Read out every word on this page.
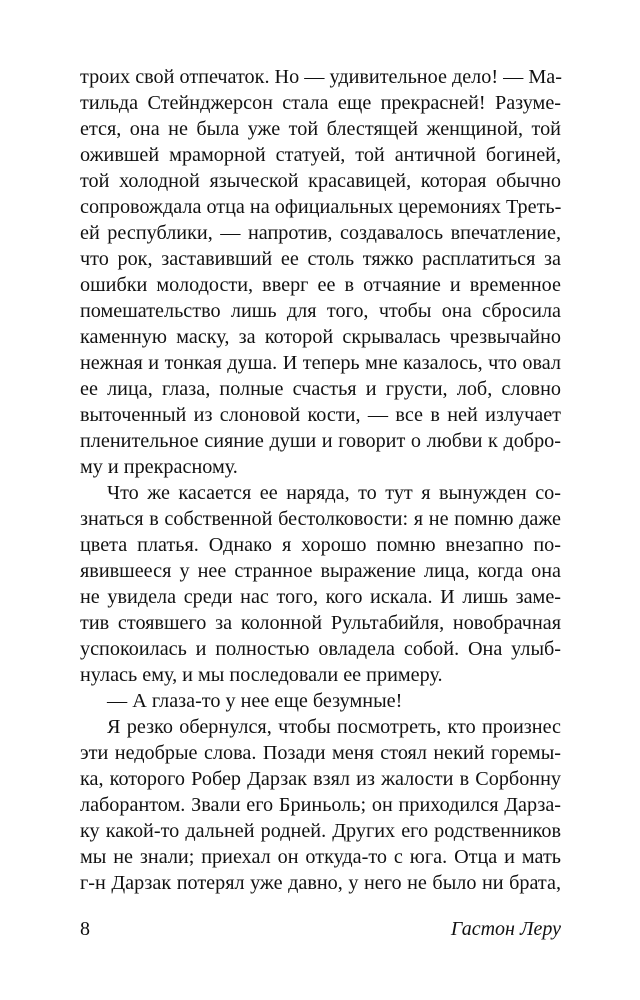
троих свой отпечаток. Но — удивительное дело! — Ма-
тильда Стейнджерсон стала еще прекрасней! Разуме-
ется, она не была уже той блестящей женщиной, той
ожившей мраморной статуей, той античной богиней,
той холодной языческой красавицей, которая обычно
сопровождала отца на официальных церемониях Треть-
ей республики, — напротив, создавалось впечатление,
что рок, заставивший ее столь тяжко расплатиться за
ошибки молодости, вверг ее в отчаяние и временное
помешательство лишь для того, чтобы она сбросила
каменную маску, за которой скрывалась чрезвычайно
нежная и тонкая душа. И теперь мне казалось, что овал
ее лица, глаза, полные счастья и грусти, лоб, словно
выточенный из слоновой кости, — все в ней излучает
пленительное сияние души и говорит о любви к добро-
му и прекрасному.
Что же касается ее наряда, то тут я вынужден со-
знаться в собственной бестолковости: я не помню даже
цвета платья. Однако я хорошо помню внезапно по-
явившееся у нее странное выражение лица, когда она
не увидела среди нас того, кого искала. И лишь заме-
тив стоявшего за колонной Рультабийля, новобрачная
успокоилась и полностью овладела собой. Она улыб-
нулась ему, и мы последовали ее примеру.
— А глаза-то у нее еще безумные!
Я резко обернулся, чтобы посмотреть, кто произнес
эти недобрые слова. Позади меня стоял некий горемы-
ка, которого Робер Дарзак взял из жалости в Сорбонну
лаборантом. Звали его Бриньоль; он приходился Дарза-
ку какой-то дальней родней. Других его родственников
мы не знали; приехал он откуда-то с юга. Отца и мать
г-н Дарзак потерял уже давно, у него не было ни брата,
8	Гастон Леру
